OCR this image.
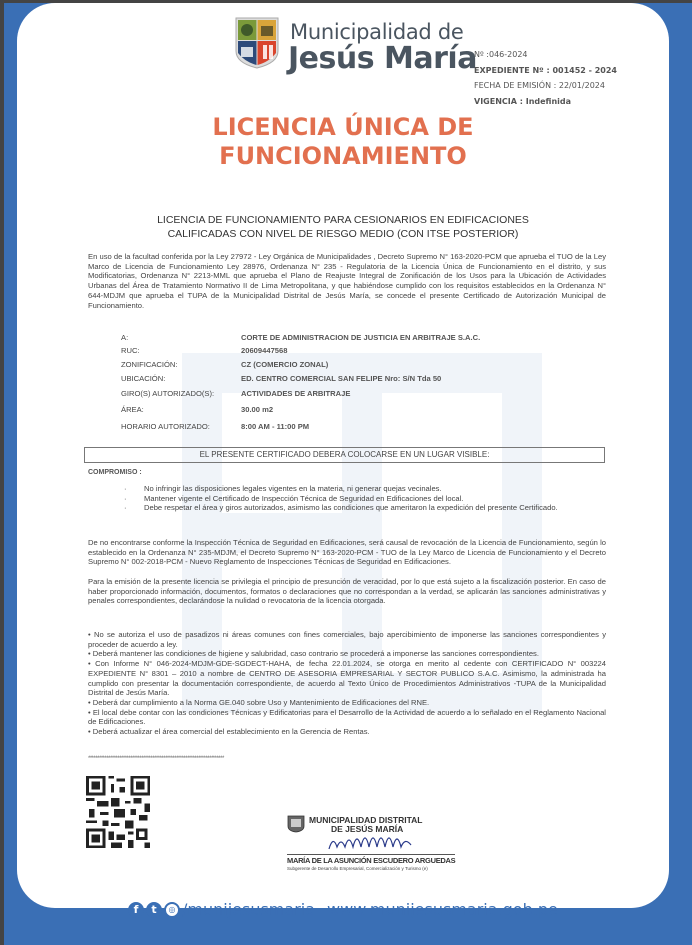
Municipalidad de
Jesús María
Nº :046-2024
EXPEDIENTE Nº : 001452 - 2024
FECHA DE EMISIÓN : 22/01/2024
VIGENCIA : Indefinida
LICENCIA ÚNICA DE
FUNCIONAMIENTO
LICENCIA DE FUNCIONAMIENTO PARA CESIONARIOS EN EDIFICACIONES
CALIFICADAS CON NIVEL DE RIESGO MEDIO (CON ITSE POSTERIOR)
En uso de la facultad conferida por la Ley 27972 - Ley Orgánica de Municipalidades , Decreto Supremo N° 163-2020-PCM que aprueba el TUO de la Ley Marco de Licencia de Funcionamiento Ley 28976, Ordenanza N° 235 - Regulatoria de la Licencia Única de Funcionamiento en el distrito, y sus Modificatorias, Ordenanza N° 2213-MML que aprueba el Plano de Reajuste Integral de Zonificación de los Usos para la Ubicación de Actividades Urbanas del Área de Tratamiento Normativo II de Lima Metropolitana, y que habiéndose cumplido con los requisitos establecidos en la Ordenanza N° 644-MDJM que aprueba el TUPA de la Municipalidad Distrital de Jesús María, se concede el presente Certificado de Autorización Municipal de Funcionamiento.
A:	CORTE DE ADMINISTRACION DE JUSTICIA EN ARBITRAJE S.A.C.
RUC:	20609447568
ZONIFICACIÓN:	CZ (COMERCIO ZONAL)
UBICACIÓN:	ED. CENTRO COMERCIAL SAN FELIPE Nro: S/N Tda 50
GIRO(S) AUTORIZADO(S):	ACTIVIDADES DE ARBITRAJE
ÁREA:	30.00 m2
HORARIO AUTORIZADO:	8:00 AM - 11:00 PM
EL PRESENTE CERTIFICADO DEBERA COLOCARSE EN UN LUGAR VISIBLE:
COMPROMISO :
· No infringir las disposiciones legales vigentes en la materia, ni generar quejas vecinales.
· Mantener vigente el Certificado de Inspección Técnica de Seguridad en Edificaciones del local.
· Debe respetar el área y giros autorizados, asimismo las condiciones que ameritaron la expedición del presente Certificado.
De no encontrarse conforme la Inspección Técnica de Seguridad en Edificaciones, será causal de revocación de la Licencia de Funcionamiento, según lo establecido en la Ordenanza N° 235-MDJM, el Decreto Supremo N° 163-2020-PCM - TUO de la Ley Marco de Licencia de Funcionamiento y el Decreto Supremo N° 002-2018-PCM - Nuevo Reglamento de Inspecciones Técnicas de Seguridad en Edificaciones.
Para la emisión de la presente licencia se privilegia el principio de presunción de veracidad, por lo que está sujeto a la fiscalización posterior. En caso de haber proporcionado información, documentos, formatos o declaraciones que no correspondan a la verdad, se aplicarán las sanciones administrativas y penales correspondientes, declarándose la nulidad o revocatoria de la licencia otorgada.
• No se autoriza el uso de pasadizos ni áreas comunes con fines comerciales, bajo apercibimiento de imponerse las sanciones correspondientes y proceder de acuerdo a ley.
• Deberá mantener las condiciones de higiene y salubridad, caso contrario se procederá a imponerse las sanciones correspondientes.
• Con Informe N° 046-2024-MDJM-GDE-SGDECT-HAHA, de fecha 22.01.2024, se otorga en merito al cedente con CERTIFICADO N° 003224 EXPEDIENTE N° 8301 – 2010 a nombre de CENTRO DE ASESORIA EMPRESARIAL Y SECTOR PUBLICO S.A.C. Asimismo, la administrada ha cumplido con presentar la documentación correspondiente, de acuerdo al Texto Único de Procedimientos Administrativos -TUPA de la Municipalidad Distrital de Jesús María.
• Deberá dar cumplimiento a la Norma GE.040 sobre Uso y Mantenimiento de Edificaciones del RNE.
• El local debe contar con las condiciones Técnicas y Edificatorias para el Desarrollo de la Actividad de acuerdo a lo señalado en el Reglamento Nacional de Edificaciones.
• Deberá actualizar el área comercial del establecimiento en la Gerencia de Rentas.
**************************************************************************
MUNICIPALIDAD DISTRITAL
DE JESÚS MARÍA
MARÍA DE LA ASUNCIÓN ESCUDERO ARGUEDAS
Subgerente de Desarrollo Empresarial, Comercialización y Turismo (e)
f t ◎ /munijesusmaria www.munijesusmaria.gob.pe
